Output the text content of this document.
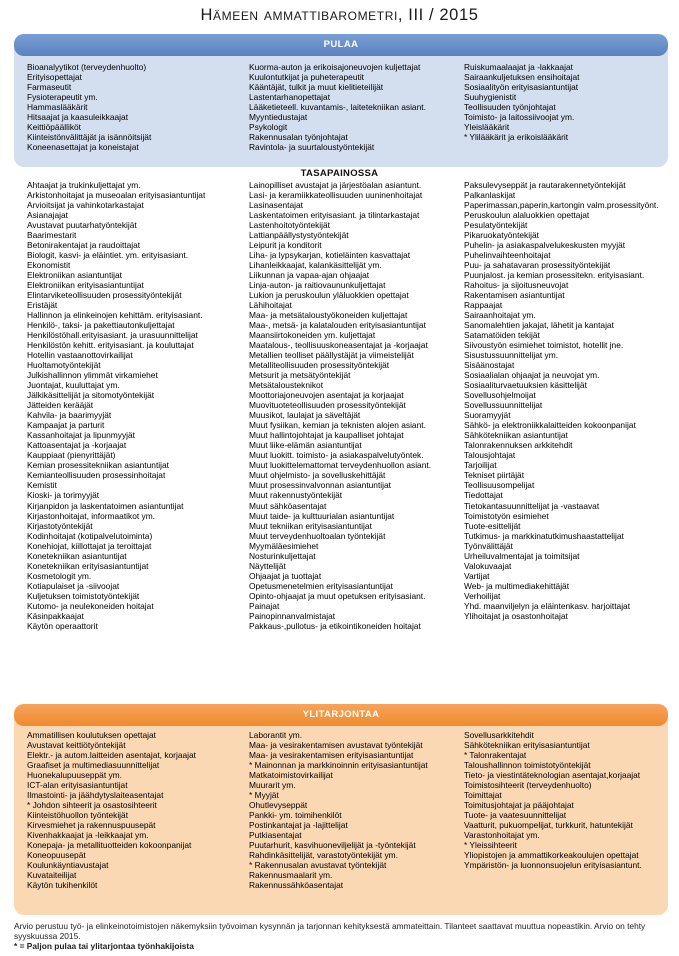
Hämeen ammattibarometri, III / 2015
PULAA
Bioanalyytikot (terveydenhuolto)
Erityisopettajat
Farmaseutit
Fysioterapeutit ym.
Hammaslääkärit
Hitsaajat ja kaasuleikkaajat
Keittiöpäälliköt
Kiinteistönvälittäjät ja isännöitsijät
Koneenasettajat ja koneistajat
Kuorma-auton ja erikoisajoneuvojen kuljettajat
Kuulontutkijat ja puheterapeutit
Kääntäjät, tulkit ja muut kielitieteilijät
Lastentarhanopettajat
Lääketieteell. kuvantamis-, laitetekniikan asiant.
Myyntiedustajat
Psykologit
Rakennusalan työnjohtajat
Ravintola- ja suurtaloustyöntekijät
Ruiskumaalaajat ja -lakkaajat
Sairaankuljetuksen ensihoitajat
Sosiaalityön erityisasiantuntijat
Suuhygienistit
Teollisuuden työnjohtajat
Toimisto- ja laitossiivoojat ym.
Yleislääkärit
* Ylilääkärit ja erikoislääkärit
TASAPAINOSSA
Ahtaajat ja trukinkuljettajat ym.
Arkistonhoitajat ja museoalan erityisasiantuntijat
Arvioitsijat ja vahinkotarkastajat
Asianajajat
Avustavat puutarhatyöntekijät
Baarimestarit
Betonirakentajat ja raudoittajat
Biologit, kasvi- ja eläintiet. ym. erityisasiant.
Ekonomistit
Elektroniikan asiantuntijat
Elektroniikan erityisasiantuntijat
Elintarviketeollisuuden prosessityöntekijät
Eristäjät
Hallinnon ja elinkeinojen kehittäm. erityisasiant.
Henkilö-, taksi- ja pakettiautonkuljettajat
Henkilöstöhall.erityisasiant. ja urasuunnittelijat
Henkilöstön kehitt. erityisasiant. ja kouluttajat
Hotellin vastaanottovirkailijat
Huoltamotyöntekijät
Julkishallinnon ylimmät virkamiehet
Juontajat, kuuluttajat ym.
Jälkikäsittelijät ja sitomotyöntekijät
Jätteiden kerääjät
Kahvila- ja baarimyyjät
Kampaajat ja parturit
Kassanhoitajat ja lipunmyyjät
Kattoasentajat ja -korjaajat
Kauppiaat (pienyrittäjät)
Kemian prosessitekniikan asiantuntijat
Kemianteollisuuden prosessinhoitajat
Kemistit
Kioski- ja torimyyjät
Kirjanpidon ja laskentatoimen asiantuntijat
Kirjastonhoitajat, informaatikot ym.
Kirjastotyöntekijät
Kodinhoitajat (kotipalvelutoiminta)
Konehiojat, kiillottajat ja teroittajat
Konetekniikan asiantuntijat
Konetekniikan erityisasiantuntijat
Kosmetologit ym.
Kotiapulaiset ja -siivoojat
Kuljetuksen toimistotyöntekijät
Kutomo- ja neulekoneiden hoitajat
Käsinpakkaajat
Käytön operaattorit
Lainopilliset avustajat ja järjestöalan asiantunt.
Lasi- ja keramiikkateollisuuden uuninenhoitajat
Lasinasentajat
Laskentatoimen erityisasiant. ja tilintarkastajat
Lastenhoitotyöntekijät
Lattianpäällystystyöntekijät
Leipurit ja konditorit
Liha- ja lypsykarjan, kotieläinten kasvattajat
Lihanleikkaajat, kalankäsittelijät ym.
Liikunnan ja vapaa-ajan ohjaajat
Linja-auton- ja raitiovaununkuljettajat
Lukion ja peruskoulun yläluokkien opettajat
Lähihoitajat
Maa- ja metsätaloustyökoneiden kuljettajat
Maa-, metsä- ja kalatalouden erityisasiantuntijat
Maansiirtokoneiden ym. kuljettajat
Maatalous-, teollisuuskoneasentajat ja -korjaajat
Metallien teolliset päällystäjät ja viimeistelijät
Metalliteollisuuden prosessityöntekijät
Metsurit ja metsätyöntekijät
Metsätalousteknikot
Moottoriajoneuvojen asentajat ja korjaajat
Muovituoteteollisuuden prosessityöntekijät
Muusikot, laulajat ja säveltäjät
Muut fysiikan, kemian ja teknisten alojen asiant.
Muut hallintojohtajat ja kaupalliset johtajat
Muut liike-elämän asiantuntijat
Muut luokitt. toimisto- ja asiakaspalvelutyöntek.
Muut luokittelemattomat terveydenhuollon asiant.
Muut ohjelmisto- ja sovelluskehittäjät
Muut prosessinvalvonnan asiantuntijat
Muut rakennustyöntekijät
Muut sähköasentajat
Muut taide- ja kulttuurialan asiantuntijat
Muut tekniikan erityisasiantuntijat
Muut terveydenhuoltoalan työntekijät
Myymäläesimiehet
Nosturinkuljettajat
Näyttelijät
Ohjaajat ja tuottajat
Opetusmenetelmien erityisasiantuntijat
Opinto-ohjaajat ja muut opetuksen erityisasiant.
Painajat
Painopinnanvalmistajat
Pakkaus-,pullotus- ja etikointikoneiden hoitajat
Paksulevyseppät ja rautarakennetyöntekijät
Palkanlaskijat
Paperimassan,paperin,kartongin valm.prosessityönt.
Peruskoulun alaluokkien opettajat
Pesulatyöntekijät
Pikaruokatyöntekijät
Puhelin- ja asiakaspalvelukeskusten myyjät
Puhelinvaihteenhoitajat
Puu- ja sahatavaran prosessityöntekijät
Puunjalost. ja kemian prosessitekn. erityisasiant.
Rahoitus- ja sijoitusneuvojat
Rakentamisen asiantuntijat
Rappaajat
Sairaanhoitajat ym.
Sanomalehtien jakajat, lähetit ja kantajat
Satamatöiden tekijät
Siivoustyön esimiehet toimistot, hotellit jne.
Sisustussuunnittelijat ym.
Sisäänostajat
Sosiaalialan ohjaajat ja neuvojat ym.
Sosiaaliturvaetuuksien käsittelijät
Sovellusohjelmoijat
Sovellussuunnittelijat
Suoramyyjät
Sähkö- ja elektroniikkalaitteiden kokoonpanijat
Sähkötekniikan asiantuntijat
Talonrakennuksen arkkitehdit
Talousjohtajat
Tarjoilijat
Tekniset piirtäjät
Teollisuusompelijat
Tiedottajat
Tietokantasuunnittelijat ja -vastaavat
Toimistotyön esimiehet
Tuote-esittelijät
Tutkimus- ja markkinatutkimushaastattelijat
Työnvälittäjät
Urheiluvalmentajat ja toimitsijat
Valokuvaajat
Vartijat
Web- ja multimediakehittäjät
Verhoilijat
Yhd. maanviljelyn ja eläintenkasv. harjoittajat
Ylihoitajat ja osastonhoitajat
YLITARJONTAA
Ammatillisen koulutuksen opettajat
Avustavat keittiötyöntekijät
Elektr.- ja autom.laitteiden asentajat, korjaajat
Graafiset ja multimediasuunnittelijat
Huonekalupuuseppät ym.
ICT-alan erityisasiantuntijat
Ilmastointi- ja jäähdytyslaiteasentajat
* Johdon sihteerit ja osastosihteerit
Kiinteistöhuollon työntekijät
Kirvesmiehet ja rakennuspuusepät
Kivenhakkaajat ja -leikkaajat ym.
Konepaja- ja metallituotteiden kokoonpanijat
Koneopuusepät
Koulunkäyntiavustajat
Kuvataiteilijat
Käytön tukihenkilöt
Laborantit ym.
Maa- ja vesirakentamisen avustavat työntekijät
Maa- ja vesirakentamisen erityisasiantuntijat
* Mainonnan ja markkinoinnin erityisasiantuntijat
Matkatoimistovirkailijat
Muurarit ym.
* Myyjät
Ohutlevyseppät
Pankki- ym. toimihenkilöt
Postinkantajat ja -lajittelijat
Putkiasentajat
Puutarhurit, kasvihuoneviljelijät ja -työntekijät
Rahdinkäsittelijät, varastotyöntekijät ym.
* Rakennusalan avustavat työntekijät
Rakennusmaalarit ym.
Rakennussähköasentajat
Sovellusarkkitehdit
Sähkötekniikan erityisasiantuntijat
* Talonrakentajat
Taloushallinnon toimistotyöntekijät
Tieto- ja viestintäteknologian asentajat,korjaajat
Toimistosihteerit (terveydenhuolto)
Toimittajat
Toimitusjohtajat ja pääjohtajat
Tuote- ja vaatesuunnittelijat
Vaatturit, pukuompelijat, turkkurit, hatuntekijät
Varastonhoitajat ym.
* Yleissihteerit
Yliopistojen ja ammattikorkeakoulujen opettajat
Ympäristön- ja luonnonsuojelun erityisasiantunt.
Arvio perustuu työ- ja elinkeinotoimistojen näkemyksiin työvoiman kysynnän ja tarjonnan kehityksestä ammateittain. Tilanteet saattavat muuttua nopeastikin. Arvio on tehty syyskuussa 2015.
* = Paljon pulaa tai ylitarjontaa työnhakijoista
